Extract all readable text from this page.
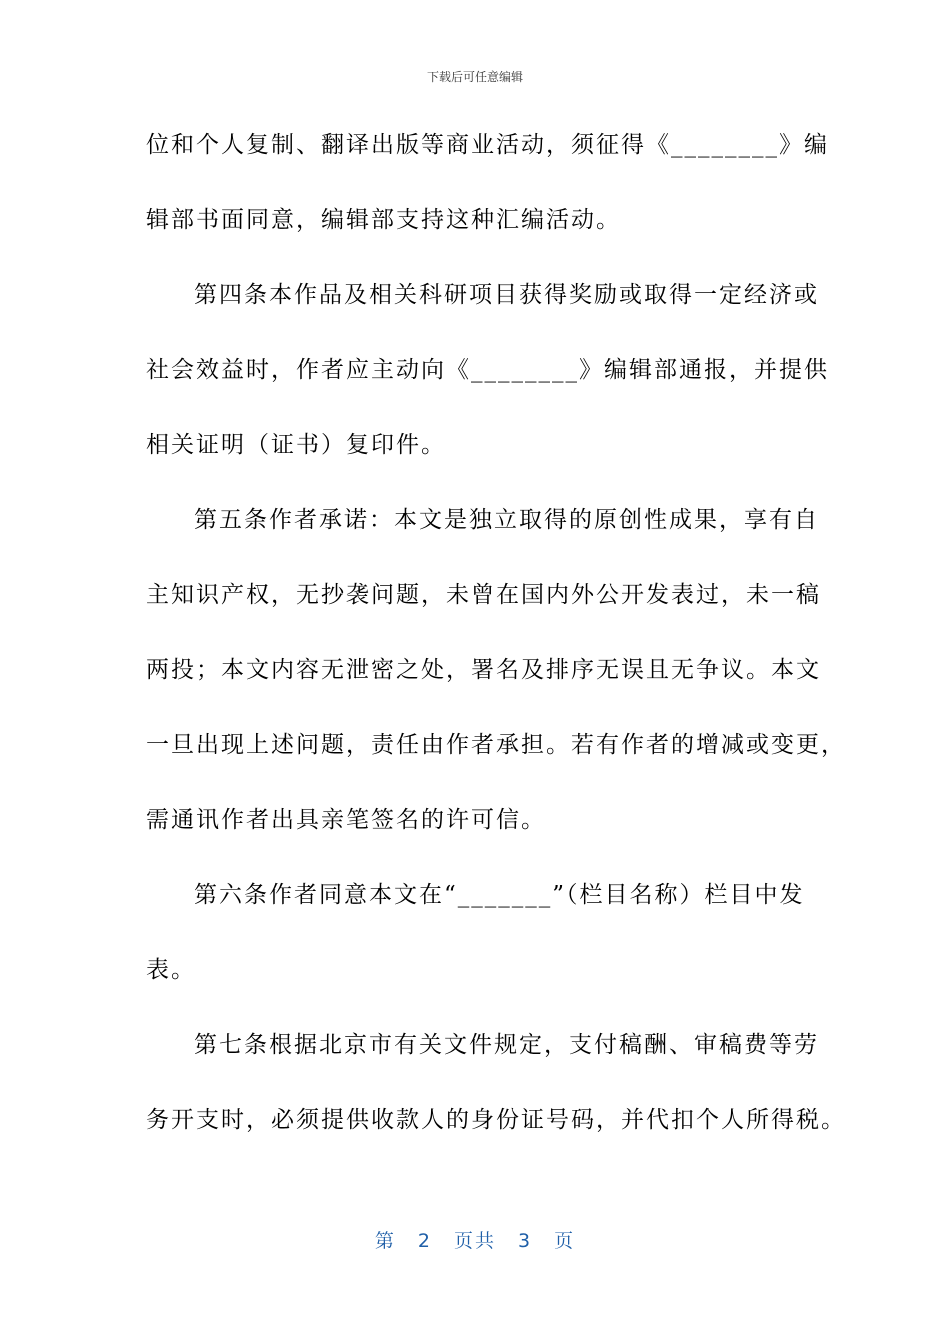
下载后可任意编辑
位和个人复制、翻译出版等商业活动，须征得《________》编
辑部书面同意，编辑部支持这种汇编活动。
第四条本作品及相关科研项目获得奖励或取得一定经济或
社会效益时，作者应主动向《________》编辑部通报，并提供
相关证明（证书）复印件。
第五条作者承诺：本文是独立取得的原创性成果，享有自
主知识产权，无抄袭问题，未曾在国内外公开发表过，未一稿
两投；本文内容无泄密之处，署名及排序无误且无争议。本文
一旦出现上述问题，责任由作者承担。若有作者的增减或变更，
需通讯作者出具亲笔签名的许可信。
第六条作者同意本文在“_______”（栏目名称）栏目中发
表。
第七条根据北京市有关文件规定，支付稿酬、审稿费等劳
务开支时，必须提供收款人的身份证号码，并代扣个人所得税。
第 2 页共 3 页
